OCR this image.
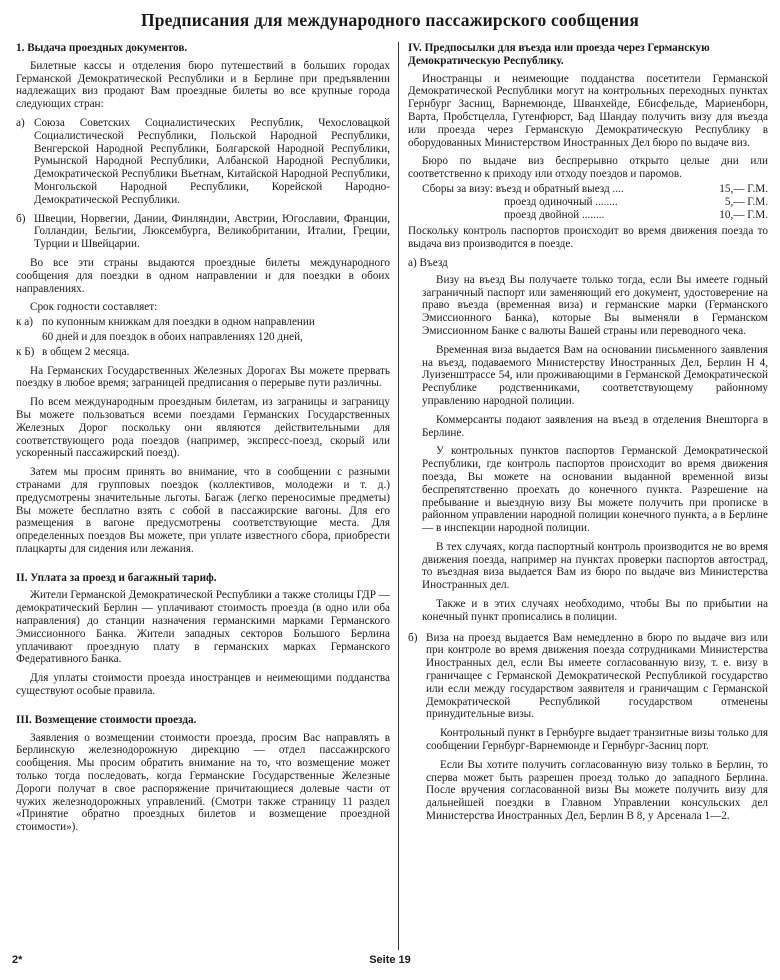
Предписания для международного пассажирского сообщения
1. Выдача проездных документов.

Билетные кассы и отделения бюро путешествий в больших городах Германской Демократической Республики и в Берлине при предъявлении надлежащих виз продают Вам проездные билеты во все крупные города следующих стран:

а) Союза Советских Социалистических Республик, Чехословацкой Социалистической Республики, Польской Народной Республики, Венгерской Народной Республики, Болгарской Народной Республики, Румынской Народной Республики, Албанской Народной Республики, Демократической Республики Вьетнам, Китайской Народной Республики, Монгольской Народной Республики, Корейской Народно-Демократической Республики.
б) Швеции, Норвегии, Дании, Финляндии, Австрии, Югославии, Франции, Голландии, Бельгии, Люксембурга, Великобритании, Италии, Греции, Турции и Швейцарии.

Во все эти страны выдаются проездные билеты международного сообщения для поездки в одном направлении и для поездки в обоих направлениях.

Срок годности составляет:

к а) по купонным книжкам для поездки в одном направлении

60 дней и для поездок в обоих направлениях 120 дней,

к Б) в общем 2 месяца.

На Германских Государственных Железных Дорогах Вы можете прервать поездку в любое время; заграницей предписания о перерыве пути различны.

По всем международным проездным билетам, из заграницы и заграницу Вы можете пользоваться всеми поездами Германских Государственных Железных Дорог поскольку они являются действительными для соответствующего рода поездов (например, экспресс-поезд, скорый или ускоренный пассажирский поезд).

Затем мы просим принять во внимание, что в сообщении с разными странами для групповых поездок (коллективов, молодежи и т. д.) предусмотрены значительные льготы. Багаж (легко переносимые предметы) Вы можете бесплатно взять с собой в пассажирские вагоны. Для его размещения в вагоне предусмотрены соответствующие места. Для определенных поездов Вы можете, при уплате известного сбора, приобрести плацкарты для сидения или лежания.

II. Уплата за проезд и багажный тариф.

Жители Германской Демократической Республики а также столицы ГДР — демократический Берлин — уплачивают стоимость проезда (в одно или оба направления) до станции назначения германскими марками Германского Эмиссионного Банка. Жители западных секторов Большого Берлина уплачивают проездную плату в германских марках Германского Федеративного Банка.

Для уплаты стоимости проезда иностранцев и неимеющими подданства существуют особые правила.

III. Возмещение стоимости проезда.

Заявления о возмещении стоимости проезда, просим Вас направлять в Берлинскую железнодорожную дирекцию — отдел пассажирского сообщения. Мы просим обратить внимание на то, что возмещение может только тогда последовать, когда Германские Государственные Железные Дороги получат в свое распоряжение причитающиеся долевые части от чужих железнодорожных управлений. (Смотри также страницу 11 раздел «Принятие обратно проездных билетов и возмещение проездной стоимости»).

IV. Предпосылки для въезда или проезда через Германскую Демократическую Республику.

Иностранцы и неимеющие подданства посетители Германской Демократической Республики могут на контрольных переходных пунктах Гернбург Засниц, Варнемюнде, Шванхейде, Ебисфельде, Мариенборн, Варта, Пробстцелла, Гутенфюрст, Бад Шандау получить визу для въезда или проезда через Германскую Демократическую Республику в оборудованных Министерством Иностранных Дел бюро по выдаче виз.

Бюро по выдаче виз беспрерывно открыто целые дни или соответственно к приходу или отходу поездов и паромов.

Сборы за визу: въезд и обратный выезд ....	15,— Г.М.
проезд одиночный ........	5,— Г.М.
проезд двойной ........	10,— Г.М.

Поскольку контроль паспортов происходит во время движения поезда то выдача виз производится в поезде.

а) Въезд

Визу на въезд Вы получаете только тогда, если Вы имеете годный заграничный паспорт или заменяющий его документ, удостоверение на право въезда (временная виза) и германские марки (Германского Эмиссионного Банка), которые Вы выменяли в Германском Эмиссионном Банке с валюты Вашей страны или переводного чека.

Временная виза выдается Вам на основании письменного заявления на въезд, подаваемого Министерству Иностранных Дел, Берлин Н 4, Луизенштрассе 54, или проживающими в Германской Демократической Республике родственниками, соответствующему районному управлению народной полиции.

Коммерсанты подают заявления на въезд в отделения Внешторга в Берлине.

У контрольных пунктов паспортов Германской Демократической Республики, где контроль паспортов происходит во время движения поезда, Вы можете на основании выданной временной визы беспрепятственно проехать до конечного пункта. Разрешение на пребывание и выездную визу Вы можете получить при прописке в районном управлении народной полиции конечного пункта, а в Берлине — в инспекции народной полиции.

В тех случаях, когда паспортный контроль производится не во время движения поезда, например на пунктах проверки паспортов автострад, то въездная виза выдается Вам из бюро по выдаче виз Министерства Иностранных дел.

Также и в этих случаях необходимо, чтобы Вы по прибытии на конечный пункт прописались в полиции.

б) Виза на проезд выдается Вам немедленно в бюро по выдаче виз или при контроле во время движения поезда сотрудниками Министерства Иностранных дел, если Вы имеете согласованную визу, т. е. визу в граничащее с Германской Демократической Республикой государство или если между государством заявителя и граничащим с Германской Демократической Республикой государством отменены принудительные визы.

Контрольный пункт в Гернбурге выдает транзитные визы только для сообщении Гернбург-Варнемюнде и Гернбург-Засниц порт.

Если Вы хотите получить согласованную визу только в Берлин, то сперва может быть разрешен проезд только до западного Берлина. После вручения согласованной визы Вы можете получить визу для дальнейшей поездки в Главном Управлении консульских дел Министерства Иностранных Дел, Берлин В 8, у Арсенала 1—2.

2*	Seite 19
